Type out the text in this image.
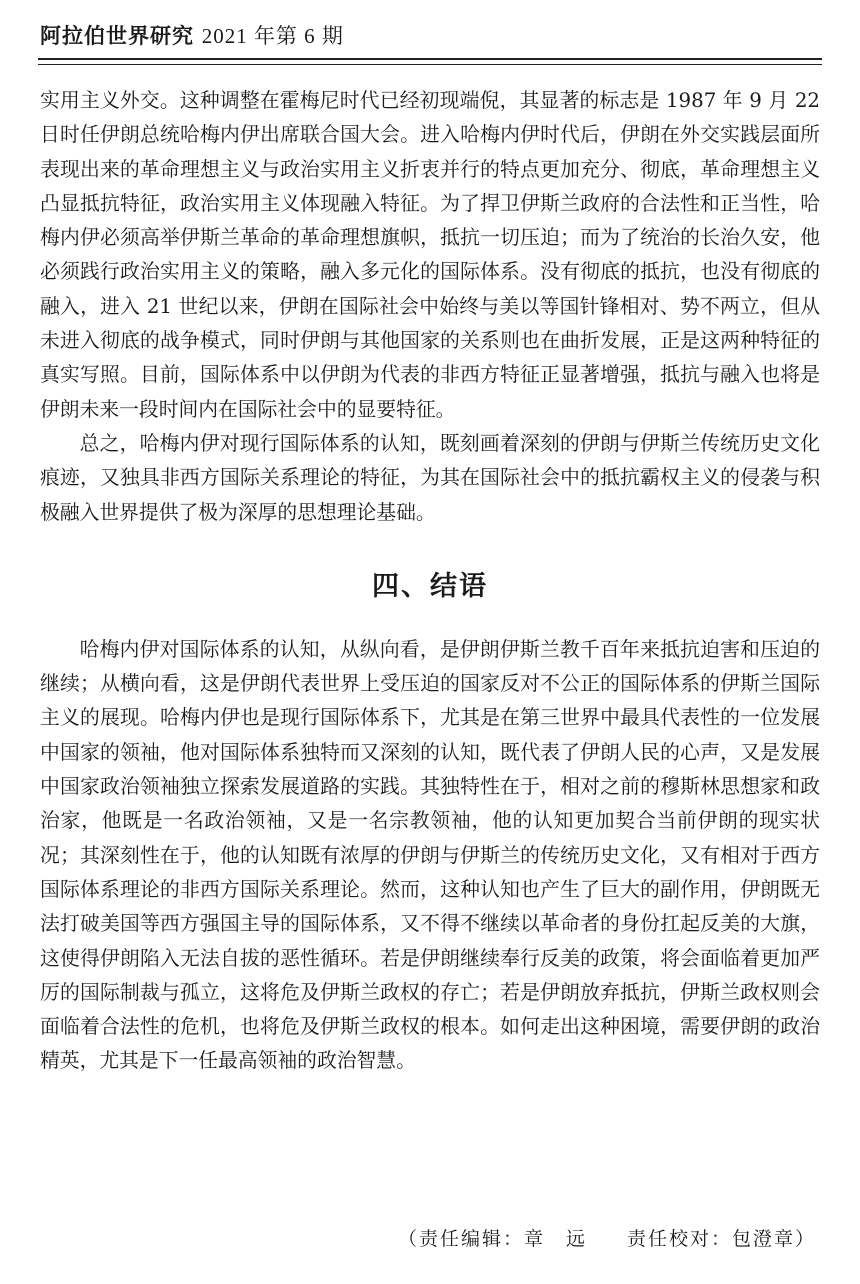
阿拉伯世界研究 2021 年第 6 期

实用主义外交。这种调整在霍梅尼时代已经初现端倪，其显著的标志是 1987 年 9 月 22 日时任伊朗总统哈梅内伊出席联合国大会。进入哈梅内伊时代后，伊朗在外交实践层面所表现出来的革命理想主义与政治实用主义折衷并行的特点更加充分、彻底，革命理想主义凸显抵抗特征，政治实用主义体现融入特征。为了捍卫伊斯兰政府的合法性和正当性，哈梅内伊必须高举伊斯兰革命的革命理想旗帜，抵抗一切压迫；而为了统治的长治久安，他必须践行政治实用主义的策略，融入多元化的国际体系。没有彻底的抵抗，也没有彻底的融入，进入 21 世纪以来，伊朗在国际社会中始终与美以等国针锋相对、势不两立，但从未进入彻底的战争模式，同时伊朗与其他国家的关系则也在曲折发展，正是这两种特征的真实写照。目前，国际体系中以伊朗为代表的非西方特征正显著增强，抵抗与融入也将是伊朗未来一段时间内在国际社会中的显要特征。

总之，哈梅内伊对现行国际体系的认知，既刻画着深刻的伊朗与伊斯兰传统历史文化痕迹，又独具非西方国际关系理论的特征，为其在国际社会中的抵抗霸权主义的侵袭与积极融入世界提供了极为深厚的思想理论基础。

四、结语

哈梅内伊对国际体系的认知，从纵向看，是伊朗伊斯兰教千百年来抵抗迫害和压迫的继续；从横向看，这是伊朗代表世界上受压迫的国家反对不公正的国际体系的伊斯兰国际主义的展现。哈梅内伊也是现行国际体系下，尤其是在第三世界中最具代表性的一位发展中国家的领袖，他对国际体系独特而又深刻的认知，既代表了伊朗人民的心声，又是发展中国家政治领袖独立探索发展道路的实践。其独特性在于，相对之前的穆斯林思想家和政治家，他既是一名政治领袖，又是一名宗教领袖，他的认知更加契合当前伊朗的现实状况；其深刻性在于，他的认知既有浓厚的伊朗与伊斯兰的传统历史文化，又有相对于西方国际体系理论的非西方国际关系理论。然而，这种认知也产生了巨大的副作用，伊朗既无法打破美国等西方强国主导的国际体系，又不得不继续以革命者的身份扛起反美的大旗，这使得伊朗陷入无法自拔的恶性循环。若是伊朗继续奉行反美的政策，将会面临着更加严厉的国际制裁与孤立，这将危及伊斯兰政权的存亡；若是伊朗放弃抵抗，伊斯兰政权则会面临着合法性的危机，也将危及伊斯兰政权的根本。如何走出这种困境，需要伊朗的政治精英，尤其是下一任最高领袖的政治智慧。

（责任编辑：章　远 责任校对：包澄章）
